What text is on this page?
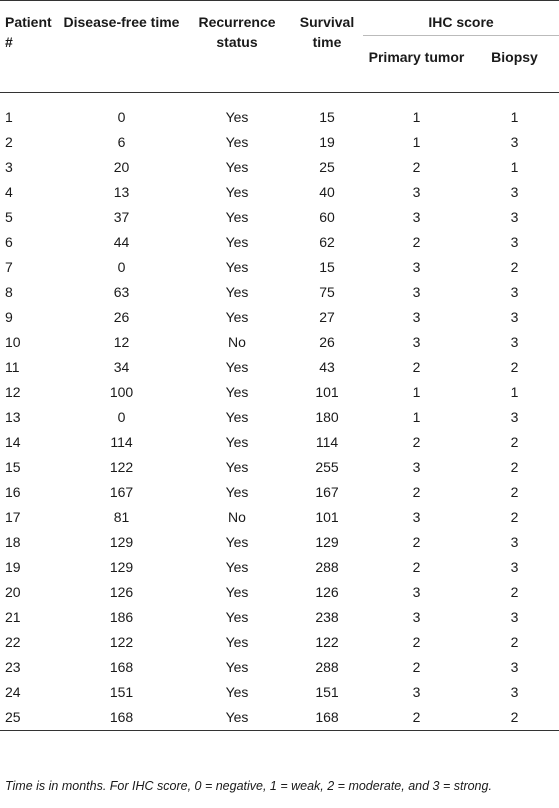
Patient #	Disease-free time	Recurrence status	Survival time	IHC score	
				Primary tumor	Biopsy

1	0	Yes	15	1	1
2	6	Yes	19	1	3
3	20	Yes	25	2	1
4	13	Yes	40	3	3
5	37	Yes	60	3	3
6	44	Yes	62	2	3
7	0	Yes	15	3	2
8	63	Yes	75	3	3
9	26	Yes	27	3	3
10	12	No	26	3	3
11	34	Yes	43	2	2
12	100	Yes	101	1	1
13	0	Yes	180	1	3
14	114	Yes	114	2	2
15	122	Yes	255	3	2
16	167	Yes	167	2	2
17	81	No	101	3	2
18	129	Yes	129	2	3
19	129	Yes	288	2	3
20	126	Yes	126	3	2
21	186	Yes	238	3	3
22	122	Yes	122	2	2
23	168	Yes	288	2	3
24	151	Yes	151	3	3
25	168	Yes	168	2	2
Time is in months. For IHC score, 0 = negative, 1 = weak, 2 = moderate, and 3 = strong.
